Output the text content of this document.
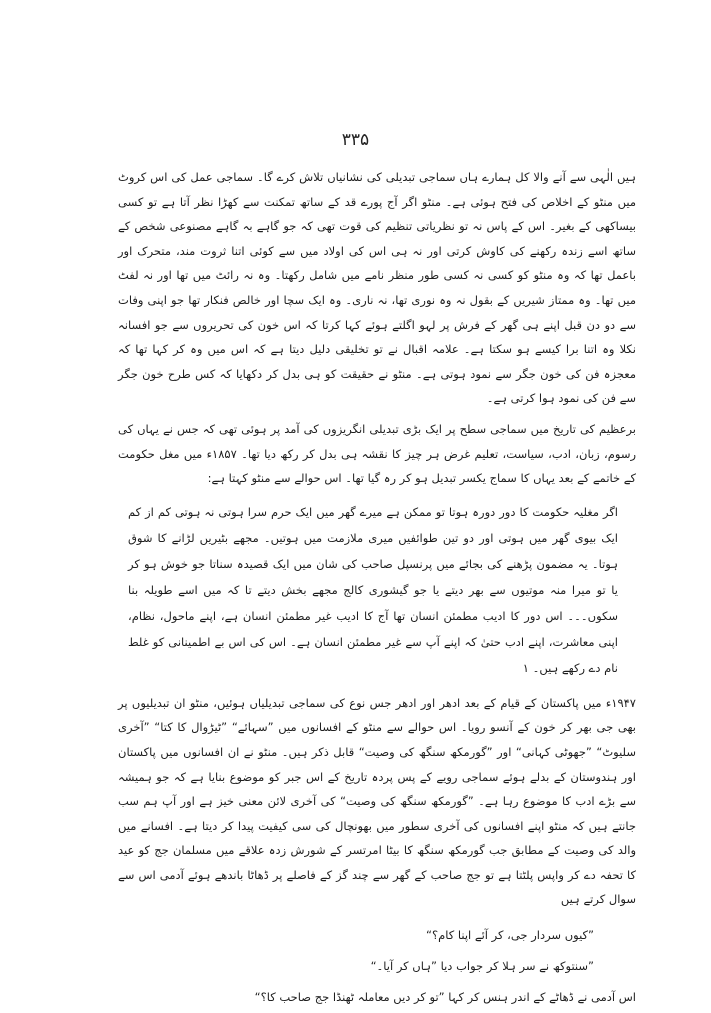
۳۳۵

ہیں الٰہی سے آنے والا کل ہمارے ہاں سماجی تبدیلی کی نشانیاں تلاش کرے گا۔ سماجی عمل کی اس کروٹ میں منٹو کے اخلاص کی فتح ہوئی ہے۔ منٹو اگر آج پورے قد کے ساتھ تمکنت سے کھڑا نظر آتا ہے تو کسی بیساکھی کے بغیر۔ اس کے پاس نہ تو نظریاتی تنظیم کی قوت تھی کہ جو گاہے بہ گاہے مصنوعی شخص کے ساتھ اسے زندہ رکھنے کی کاوش کرتی اور نہ ہی اس کی اولاد میں سے کوئی اتنا ثروت مند، متحرک اور باعمل تھا کہ وہ منٹو کو کسی نہ کسی طور منظر نامے میں شامل رکھتا۔ وہ نہ رائٹ میں تھا اور نہ لفٹ میں تھا۔ وہ ممتاز شیریں کے بقول نہ وہ نوری تھا، نہ ناری۔ وہ ایک سچا اور خالص فنکار تھا جو اپنی وفات سے دو دن قبل اپنے ہی گھر کے فرش پر لہو اگلتے ہوئے کہا کرتا کہ اس خون کی تحریروں سے جو افسانہ نکلا وہ اتنا برا کیسے ہو سکتا ہے۔ علامہ اقبال نے تو تخلیقی دلیل دیتا ہے کہ اس میں وہ کر کہا تھا کہ معجزہ فن کی خون جگر سے نمود ہوتی ہے۔ منٹو نے حقیقت کو ہی بدل کر دکھایا کہ کس طرح خون جگر سے فن کی نمود ہوا کرتی ہے۔

برعظیم کی تاریخ میں سماجی سطح پر ایک بڑی تبدیلی انگریزوں کی آمد پر ہوئی تھی کہ جس نے یہاں کی رسوم، زبان، ادب، سیاست، تعلیم غرض ہر چیز کا نقشہ ہی بدل کر رکھ دیا تھا۔ ۱۸۵۷ء میں مغل حکومت کے خاتمے کے بعد یہاں کا سماج یکسر تبدیل ہو کر رہ گیا تھا۔ اس حوالے سے منٹو کہتا ہے:

اگر مغلیہ حکومت کا دور دورہ ہوتا تو ممکن ہے میرے گھر میں ایک حرم سرا ہوتی نہ ہوتی کم از کم ایک بیوی گھر میں ہوتی اور دو تین طوائفیں میری ملازمت میں ہوتیں۔ مجھے بٹیریں لڑانے کا شوق ہوتا۔ یہ مضمون پڑھنے کی بجائے میں پرنسپل صاحب کی شان میں ایک قصیدہ سناتا جو خوش ہو کر یا تو میرا منہ موتیوں سے بھر دیتے یا جو گیشوری کالج مجھے بخش دیتے تا کہ میں اسے طویلہ بنا سکوں۔۔۔ اس دور کا ادیب مطمئن انسان تھا آج کا ادیب غیر مطمئن انسان ہے، اپنے ماحول، نظام، اپنی معاشرت، اپنے ادب حتیٰ کہ اپنے آپ سے غیر مطمئن انسان ہے۔ اس کی اس بے اطمینانی کو غلط نام دے رکھے ہیں۔ ۱

۱۹۴۷ء میں پاکستان کے قیام کے بعد ادھر اور ادھر جس نوع کی سماجی تبدیلیاں ہوئیں، منٹو ان تبدیلیوں پر بھی جی بھر کر خون کے آنسو رویا۔ اس حوالے سے منٹو کے افسانوں میں ”سہائے“ ”ٹیڑوال کا کتا“ ”آخری سلیوٹ“ ”جھوٹی کہانی“ اور ”گورمکھ سنگھ کی وصیت“ قابل ذکر ہیں۔ منٹو نے ان افسانوں میں پاکستان اور ہندوستان کے بدلے ہوئے سماجی رویے کے پس پردہ تاریخ کے اس جبر کو موضوع بنایا ہے کہ جو ہمیشہ سے بڑے ادب کا موضوع رہا ہے۔ ”گورمکھ سنگھ کی وصیت“ کی آخری لائن معنی خیز ہے اور آپ ہم سب جانتے ہیں کہ منٹو اپنے افسانوں کی آخری سطور میں بھونچال کی سی کیفیت پیدا کر دیتا ہے۔ افسانے میں والد کی وصیت کے مطابق جب گورمکھ سنگھ کا بیٹا امرتسر کے شورش زدہ علاقے میں مسلمان جج کو عید کا تحفہ دے کر واپس پلٹتا ہے تو جج صاحب کے گھر سے چند گز کے فاصلے پر ڈھاٹا باندھے ہوئے آدمی اس سے سوال کرتے ہیں

”کیوں سردار جی، کر آئے اپنا کام؟“

”سنتوکھ نے سر ہلا کر جواب دیا ”ہاں کر آیا۔“

اس آدمی نے ڈھاٹے کے اندر ہنس کر کہا ”تو کر دیں معاملہ ٹھنڈا جج صاحب کا؟“
